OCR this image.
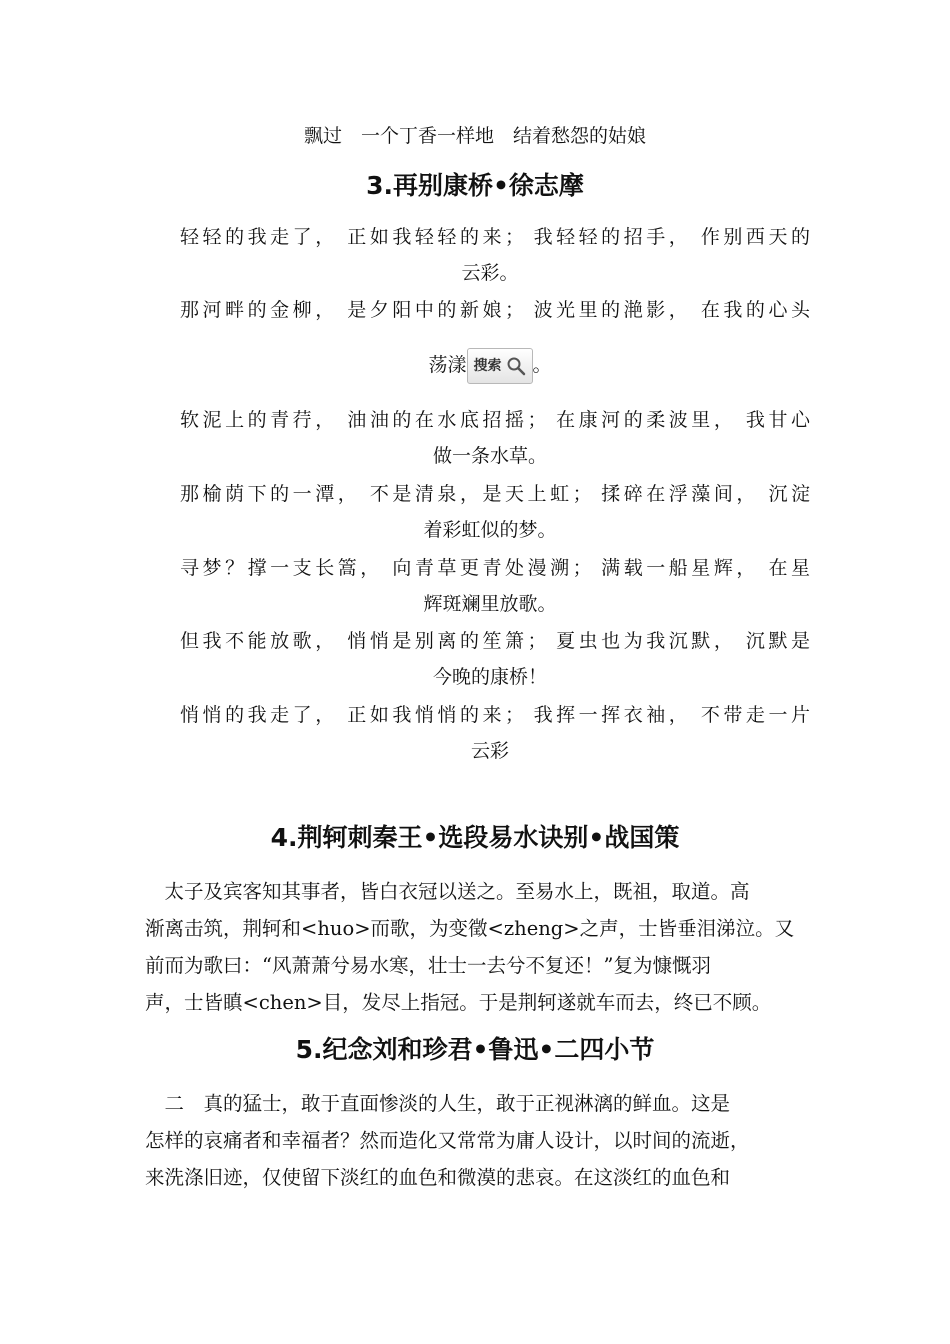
飘过　一个丁香一样地　结着愁怨的姑娘
3.再别康桥•徐志摩
轻轻的我走了， 正如我轻轻的来； 我轻轻的招手， 作别西天的
云彩。
那河畔的金柳， 是夕阳中的新娘； 波光里的滟影， 在我的心头
荡漾 搜索 。
软泥上的青荇， 油油的在水底招摇； 在康河的柔波里， 我甘心
做一条水草。
那榆荫下的一潭， 不是清泉，是天上虹； 揉碎在浮藻间， 沉淀
着彩虹似的梦。
寻梦？撑一支长篙， 向青草更青处漫溯； 满载一船星辉， 在星
辉斑斓里放歌。
但我不能放歌， 悄悄是别离的笙箫； 夏虫也为我沉默， 沉默是
今晚的康桥！
悄悄的我走了， 正如我悄悄的来； 我挥一挥衣袖， 不带走一片
云彩
4.荆轲刺秦王•选段易水诀别•战国策
　太子及宾客知其事者，皆白衣冠以送之。至易水上，既祖，取道。高
渐离击筑，荆轲和<huo>而歌，为变徵<zheng>之声，士皆垂泪涕泣。又
前而为歌曰：“风萧萧兮易水寒，壮士一去兮不复还！”复为慷慨羽
声，士皆瞋<chen>目，发尽上指冠。于是荆轲遂就车而去，终已不顾。
5.纪念刘和珍君•鲁迅•二四小节
　二　真的猛士，敢于直面惨淡的人生，敢于正视淋漓的鲜血。这是
怎样的哀痛者和幸福者？然而造化又常常为庸人设计，以时间的流逝，
来洗涤旧迹，仅使留下淡红的血色和微漠的悲哀。在这淡红的血色和
